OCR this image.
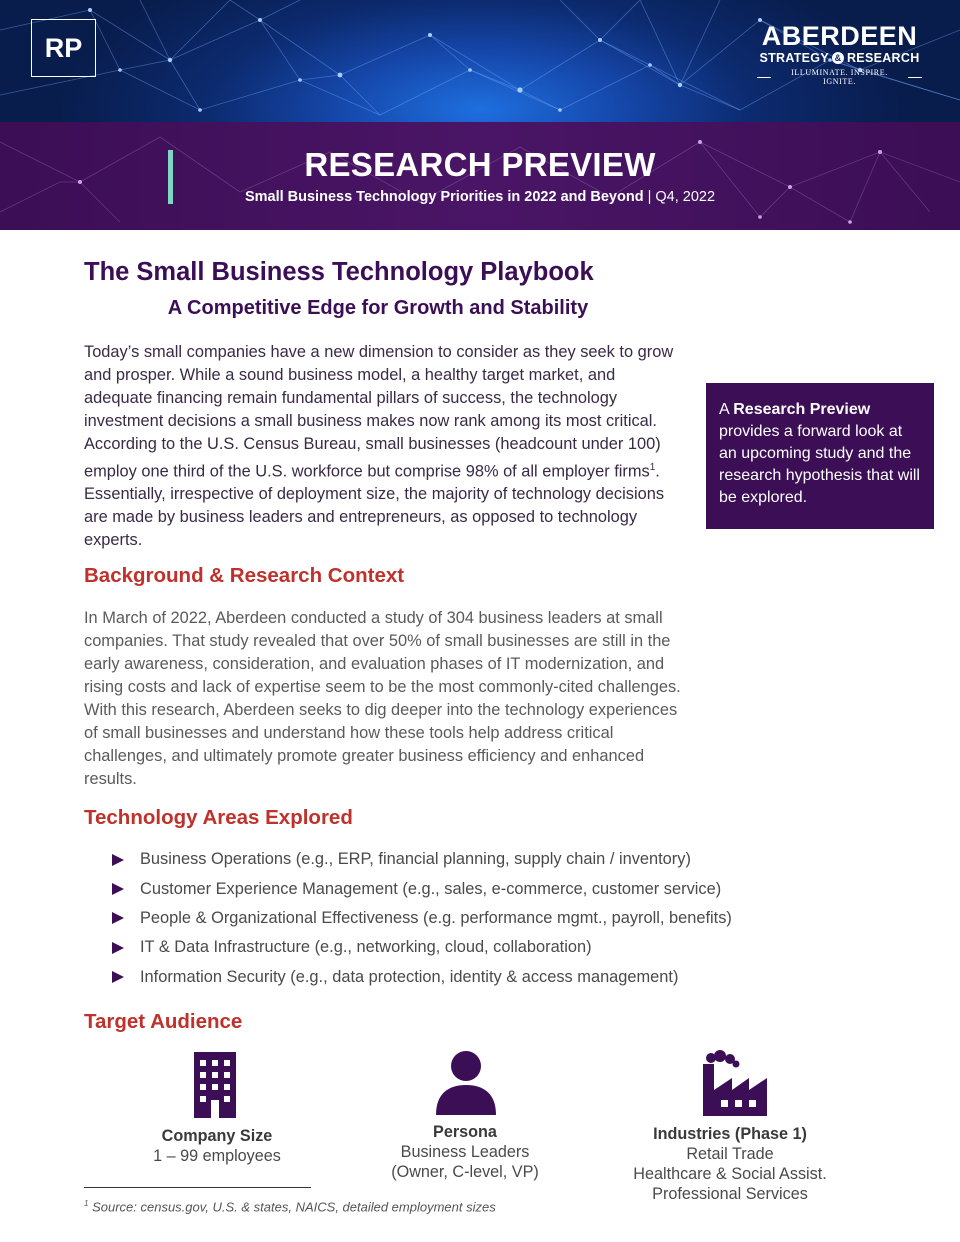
RP	ABERDEEN
STRATEGY & RESEARCH
ILLUMINATE. INSPIRE. IGNITE.
RESEARCH PREVIEW
Small Business Technology Priorities in 2022 and Beyond | Q4, 2022
The Small Business Technology Playbook
A Competitive Edge for Growth and Stability

Today’s small companies have a new dimension to consider as they seek to grow and prosper. While a sound business model, a healthy target market, and adequate financing remain fundamental pillars of success, the technology investment decisions a small business makes now rank among its most critical. According to the U.S. Census Bureau, small businesses (headcount under 100) employ one third of the U.S. workforce but comprise 98% of all employer firms$^1$. Essentially, irrespective of deployment size, the majority of technology decisions are made by business leaders and entrepreneurs, as opposed to technology experts.

A Research Preview provides a forward look at an upcoming study and the research hypothesis that will be explored.
Background & Research Context

In March of 2022, Aberdeen conducted a study of 304 business leaders at small companies. That study revealed that over 50% of small businesses are still in the early awareness, consideration, and evaluation phases of IT modernization, and rising costs and lack of expertise seem to be the most commonly-cited challenges. With this research, Aberdeen seeks to dig deeper into the technology experiences of small businesses and understand how these tools help address critical challenges, and ultimately promote greater business efficiency and enhanced results.

Technology Areas Explored
Business Operations (e.g., ERP, financial planning, supply chain / inventory)
Customer Experience Management (e.g., sales, e-commerce, customer service)
People & Organizational Effectiveness (e.g. performance mgmt., payroll, benefits)
IT & Data Infrastructure (e.g., networking, cloud, collaboration)
Information Security (e.g., data protection, identity & access management)
Target Audience
Company Size
1 – 99 employees
Persona
Business Leaders
(Owner, C-level, VP)
Industries (Phase 1)
Retail Trade
Healthcare & Social Assist.
Professional Services
$^1$ Source: census.gov, U.S. & states, NAICS, detailed employment sizes
